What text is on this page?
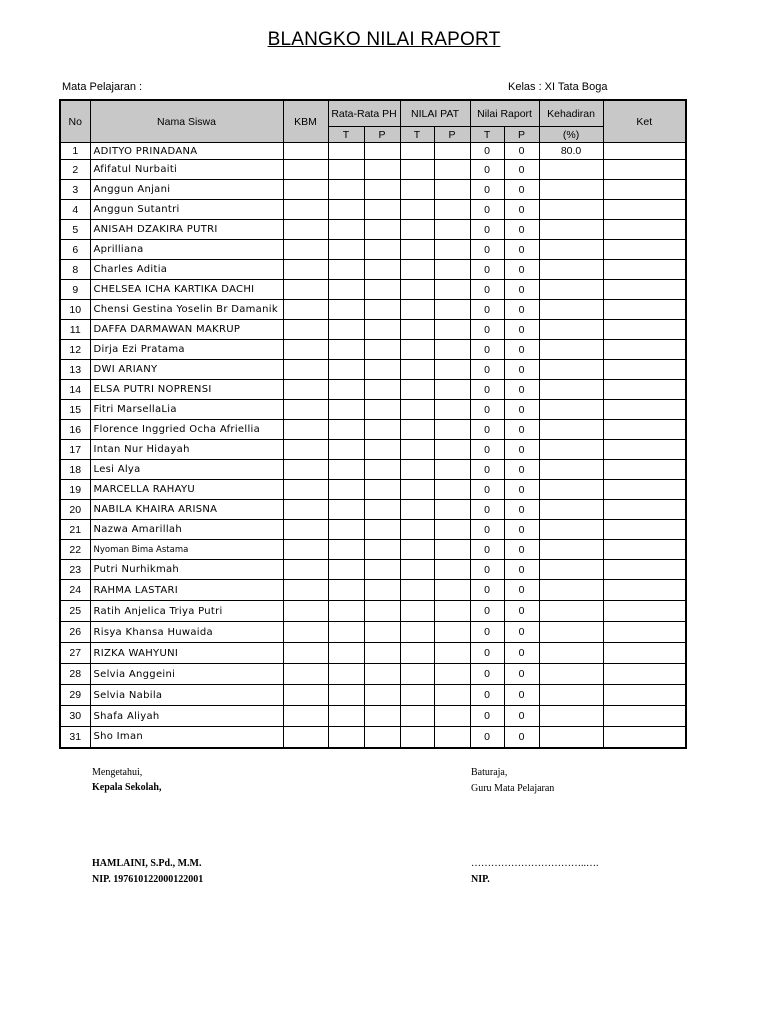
BLANGKO NILAI RAPORT
Mata Pelajaran :	Kelas : XI Tata Boga
No	Nama Siswa	KBM	Rata-Rata PH		NILAI PAT		Nilai Raport		Kehadiran	Ket
			T	P	T	P	T	P	(%)	
1	ADITYO PRINADANA						0	0	80.0	
2	Afifatul Nurbaiti						0	0		
3	Anggun Anjani						0	0		
4	Anggun Sutantri						0	0		
5	ANISAH DZAKIRA PUTRI						0	0		
6	Aprilliana						0	0		
8	Charles Aditia						0	0		
9	CHELSEA ICHA KARTIKA DACHI						0	0		
10	Chensi Gestina Yoselin Br Damanik						0	0		
11	DAFFA DARMAWAN MAKRUP						0	0		
12	Dirja Ezi Pratama						0	0		
13	DWI ARIANY						0	0		
14	ELSA PUTRI NOPRENSI						0	0		
15	Fitri MarsellaLia						0	0		
16	Florence Inggried Ocha Afriellia						0	0		
17	Intan Nur Hidayah						0	0		
18	Lesi Alya						0	0		
19	MARCELLA RAHAYU						0	0		
20	NABILA KHAIRA ARISNA						0	0		
21	Nazwa Amarillah						0	0		
22	Nyoman Bima Astama						0	0		
23	Putri Nurhikmah						0	0		
24	RAHMA LASTARI						0	0		
25	Ratih Anjelica Triya Putri						0	0		
26	Risya Khansa Huwaida						0	0		
27	RIZKA WAHYUNI						0	0		
28	Selvia Anggeini						0	0		
29	Selvia Nabila						0	0		
30	Shafa Aliyah						0	0		
31	Sho Iman						0	0		
Mengetahui,
Kepala Sekolah,
HAMLAINI, S.Pd., M.M.
NIP. 197610122000122001
Baturaja,
Guru Mata Pelajaran
……………………………..….
NIP.
